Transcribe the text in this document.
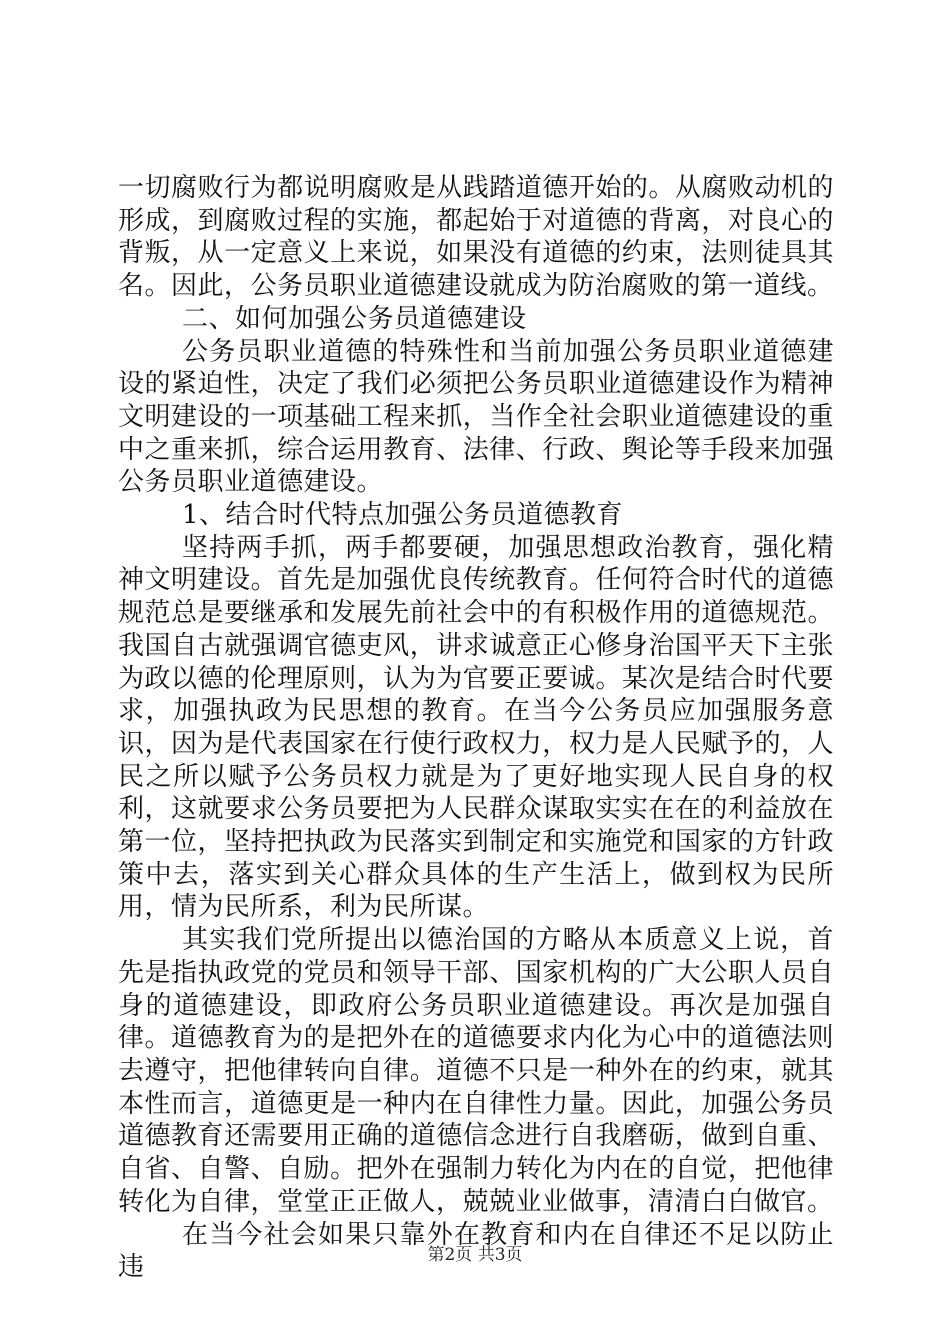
一切腐败行为都说明腐败是从践踏道德开始的。从腐败动机的形成，到腐败过程的实施，都起始于对道德的背离，对良心的背叛，从一定意义上来说，如果没有道德的约束，法则徒具其名。因此，公务员职业道德建设就成为防治腐败的第一道线。

二、如何加强公务员道德建设

公务员职业道德的特殊性和当前加强公务员职业道德建设的紧迫性，决定了我们必须把公务员职业道德建设作为精神文明建设的一项基础工程来抓，当作全社会职业道德建设的重中之重来抓，综合运用教育、法律、行政、舆论等手段来加强公务员职业道德建设。

1、结合时代特点加强公务员道德教育

坚持两手抓，两手都要硬，加强思想政治教育，强化精神文明建设。首先是加强优良传统教育。任何符合时代的道德规范总是要继承和发展先前社会中的有积极作用的道德规范。我国自古就强调官德吏风，讲求诚意正心修身治国平天下主张为政以德的伦理原则，认为为官要正要诚。某次是结合时代要求，加强执政为民思想的教育。在当今公务员应加强服务意识，因为是代表国家在行使行政权力，权力是人民赋予的，人民之所以赋予公务员权力就是为了更好地实现人民自身的权利，这就要求公务员要把为人民群众谋取实实在在的利益放在第一位，坚持把执政为民落实到制定和实施党和国家的方针政策中去，落实到关心群众具体的生产生活上，做到权为民所用，情为民所系，利为民所谋。

其实我们党所提出以德治国的方略从本质意义上说，首先是指执政党的党员和领导干部、国家机构的广大公职人员自身的道德建设，即政府公务员职业道德建设。再次是加强自律。道德教育为的是把外在的道德要求内化为心中的道德法则去遵守，把他律转向自律。道德不只是一种外在的约束，就其本性而言，道德更是一种内在自律性力量。因此，加强公务员道德教育还需要用正确的道德信念进行自我磨砺，做到自重、自省、自警、自励。把外在强制力转化为内在的自觉，把他律转化为自律，堂堂正正做人，兢兢业业做事，清清白白做官。

在当今社会如果只靠外在教育和内在自律还不足以防止违	第2页 共3页
